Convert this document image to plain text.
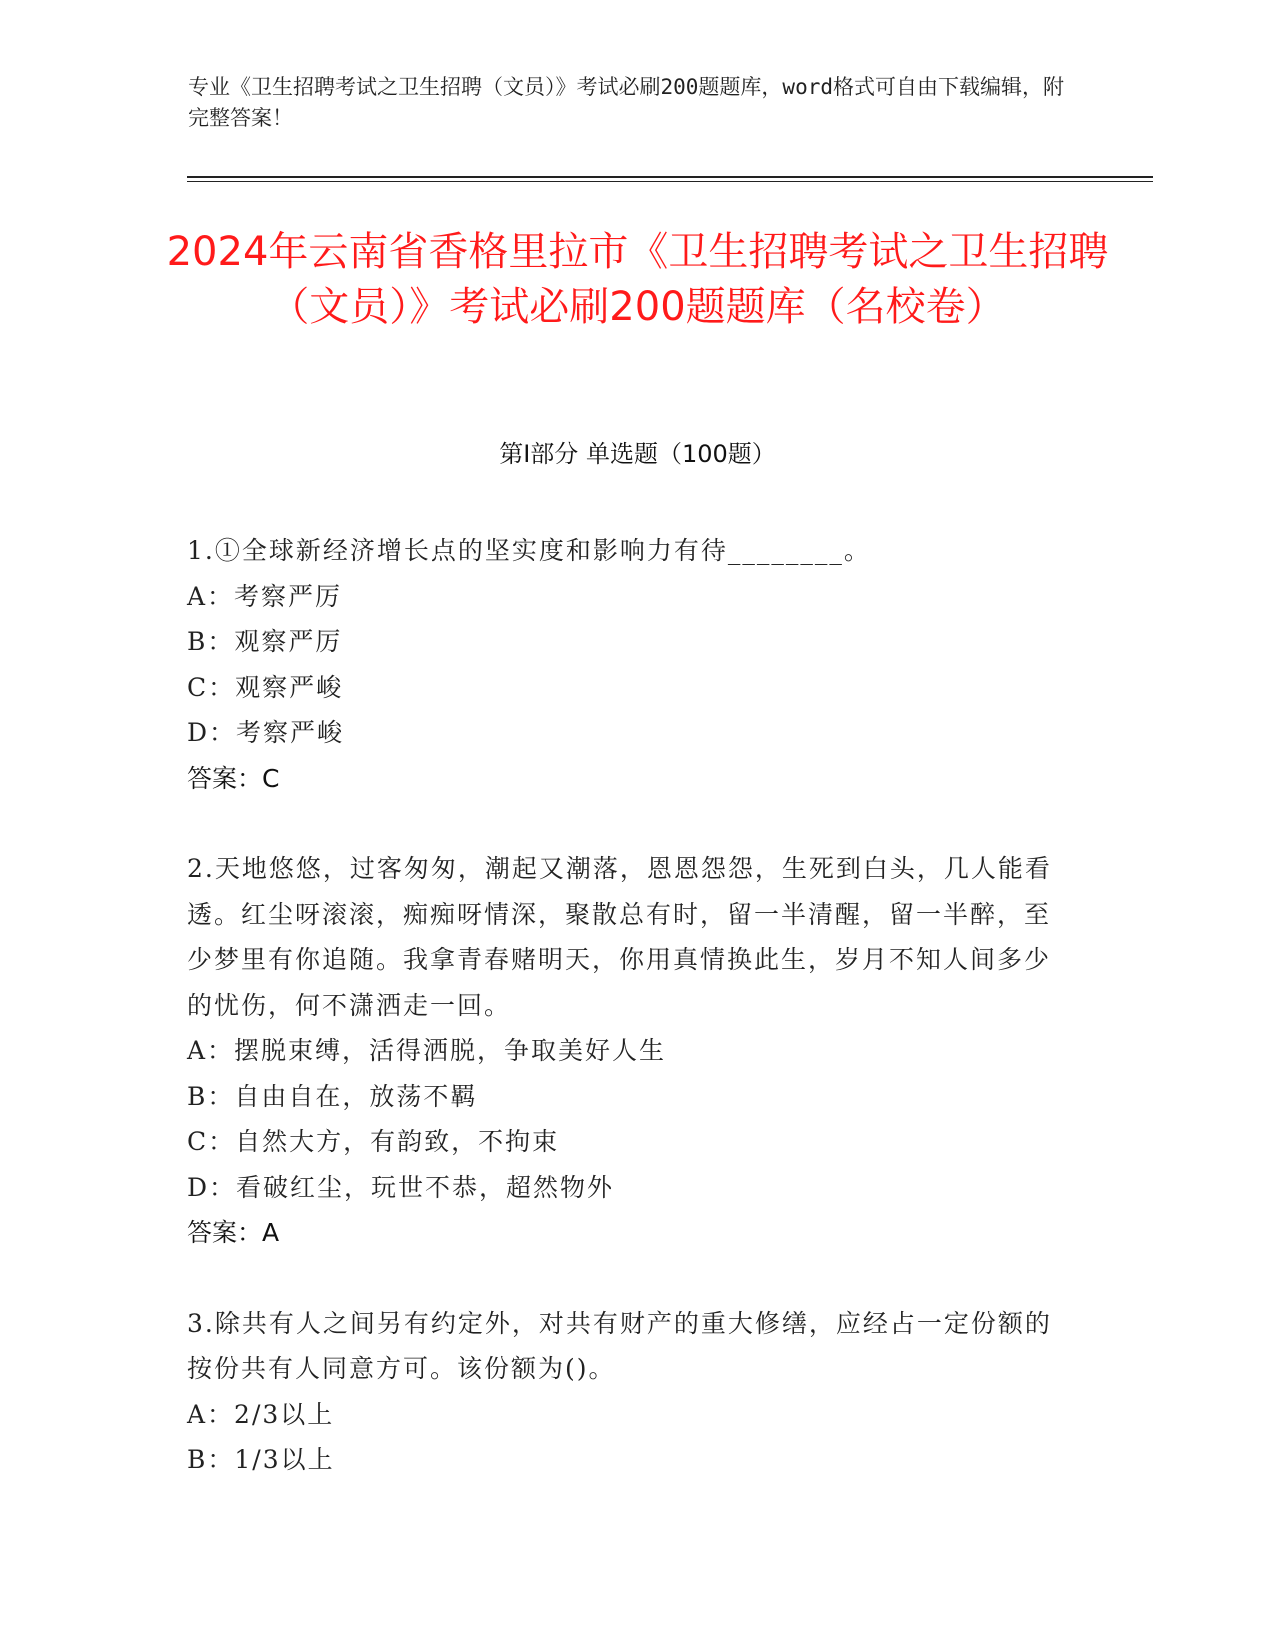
专业《卫生招聘考试之卫生招聘（文员）》考试必刷200题题库，word格式可自由下载编辑，附完整答案！
2024年云南省香格里拉市《卫生招聘考试之卫生招聘（文员）》考试必刷200题题库（名校卷）
第Ⅰ部分 单选题（100题）
1.①全球新经济增长点的坚实度和影响力有待________。
A：考察严厉
B：观察严厉
C：观察严峻
D：考察严峻
答案：C
2.天地悠悠，过客匆匆，潮起又潮落，恩恩怨怨，生死到白头，几人能看透。红尘呀滚滚，痴痴呀情深，聚散总有时，留一半清醒，留一半醉，至少梦里有你追随。我拿青春赌明天，你用真情换此生，岁月不知人间多少的忧伤，何不潇洒走一回。
A：摆脱束缚，活得洒脱，争取美好人生
B：自由自在，放荡不羁
C：自然大方，有韵致，不拘束
D：看破红尘，玩世不恭，超然物外
答案：A
3.除共有人之间另有约定外，对共有财产的重大修缮，应经占一定份额的按份共有人同意方可。该份额为()。
A：2/3以上
B：1/3以上
